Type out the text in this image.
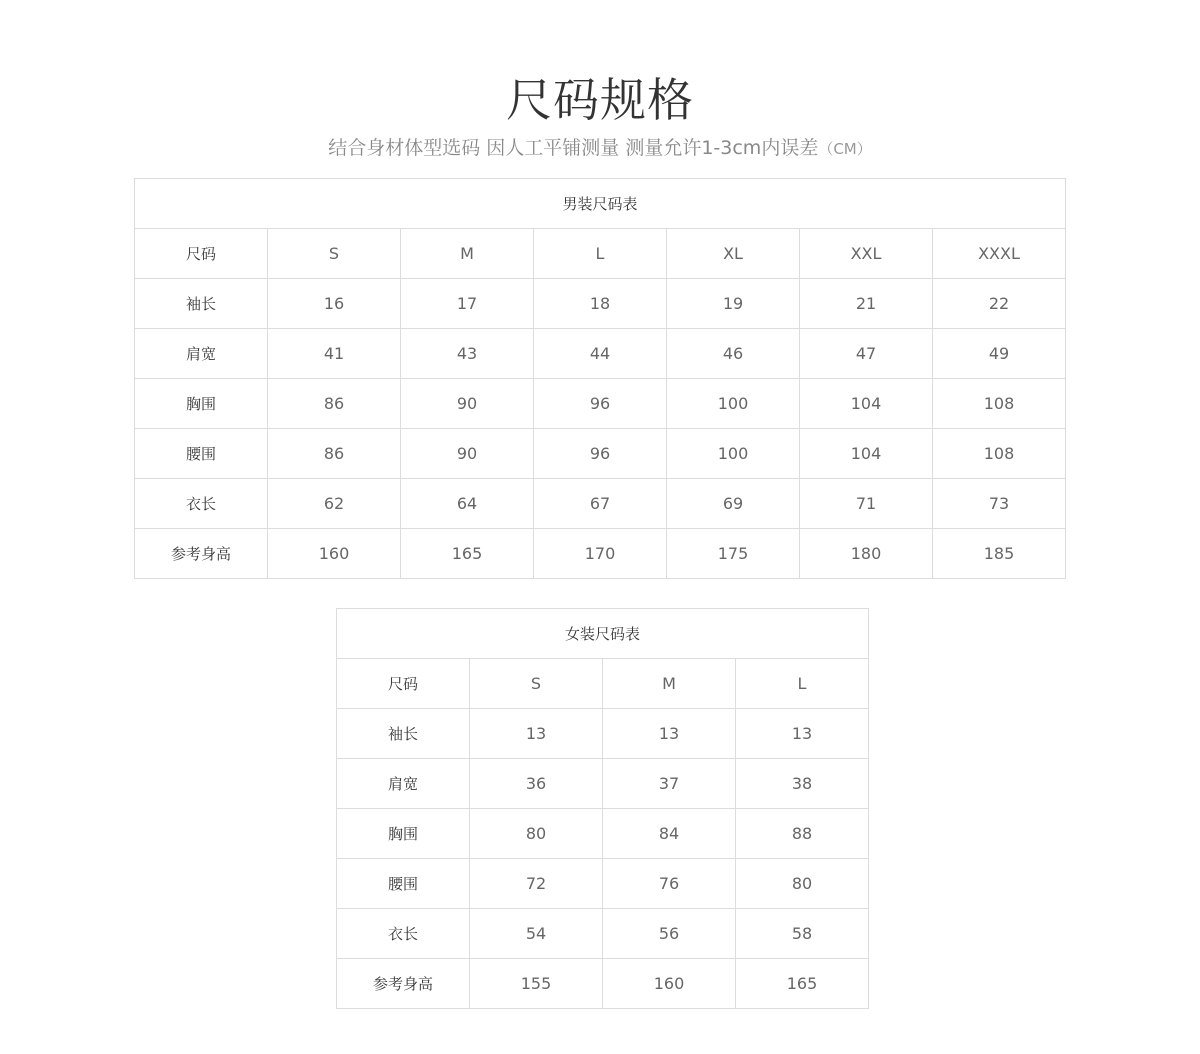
尺码规格
结合身材体型选码 因人工平铺测量 测量允许1-3cm内误差（CM）
男装尺码表						
尺码	S	M	L	XL	XXL	XXXL
袖长	16	17	18	19	21	22
肩宽	41	43	44	46	47	49
胸围	86	90	96	100	104	108
腰围	86	90	96	100	104	108
衣长	62	64	67	69	71	73
参考身高	160	165	170	175	180	185
女装尺码表			
尺码	S	M	L
袖长	13	13	13
肩宽	36	37	38
胸围	80	84	88
腰围	72	76	80
衣长	54	56	58
参考身高	155	160	165
